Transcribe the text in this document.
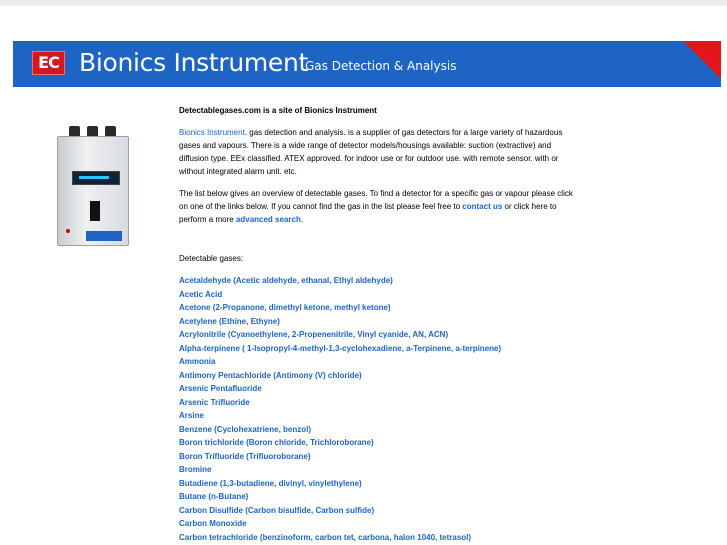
EC Bionics Instrument
Gas Detection & Analysis
Detectablegases.com is a site of Bionics Instrument

Bionics Instrument. gas detection and analysis. is a supplier of gas detectors for a large variety of hazardous gases and vapours. There is a wide range of detector models/housings available: suction (extractive) and diffusion type. EEx classified. ATEX approved. for indoor use or for outdoor use. with remote sensor. with or without integrated alarm unit. etc.

The list below gives an overview of detectable gases. To find a detector for a specific gas or vapour please click on one of the links below. If you cannot find the gas in the list please feel free to contact us or click here to perform a more advanced search.

Detectable gases:
Acetaldehyde (Acetic aldehyde, ethanal, Ethyl aldehyde)
Acetic Acid
Acetone (2-Propanone, dimethyl ketone, methyl ketone)
Acetylene (Ethine, Ethyne)
Acrylonitrile (Cyanoethylene, 2-Propenenitrile, Vinyl cyanide, AN, ACN)
Alpha-terpinene ( 1-Isopropyl-4-methyl-1,3-cyclohexadiene, a-Terpinene, a-terpinene)
Ammonia
Antimony Pentachloride (Antimony (V) chloride)
Arsenic Pentafluoride
Arsenic Trifluoride
Arsine
Benzene (Cyclohexatriene, benzol)
Boron trichloride (Boron chloride, Trichloroborane)
Boron Trifluoride (Trifluoroborane)
Bromine
Butadiene (1,3-butadiene, divinyl, vinylethylene)
Butane (n-Butane)
Carbon Disulfide (Carbon bisulfide, Carbon sulfide)
Carbon Monoxide
Carbon tetrachloride (benzinoform, carbon tet, carbona, halon 1040, tetrasol)
